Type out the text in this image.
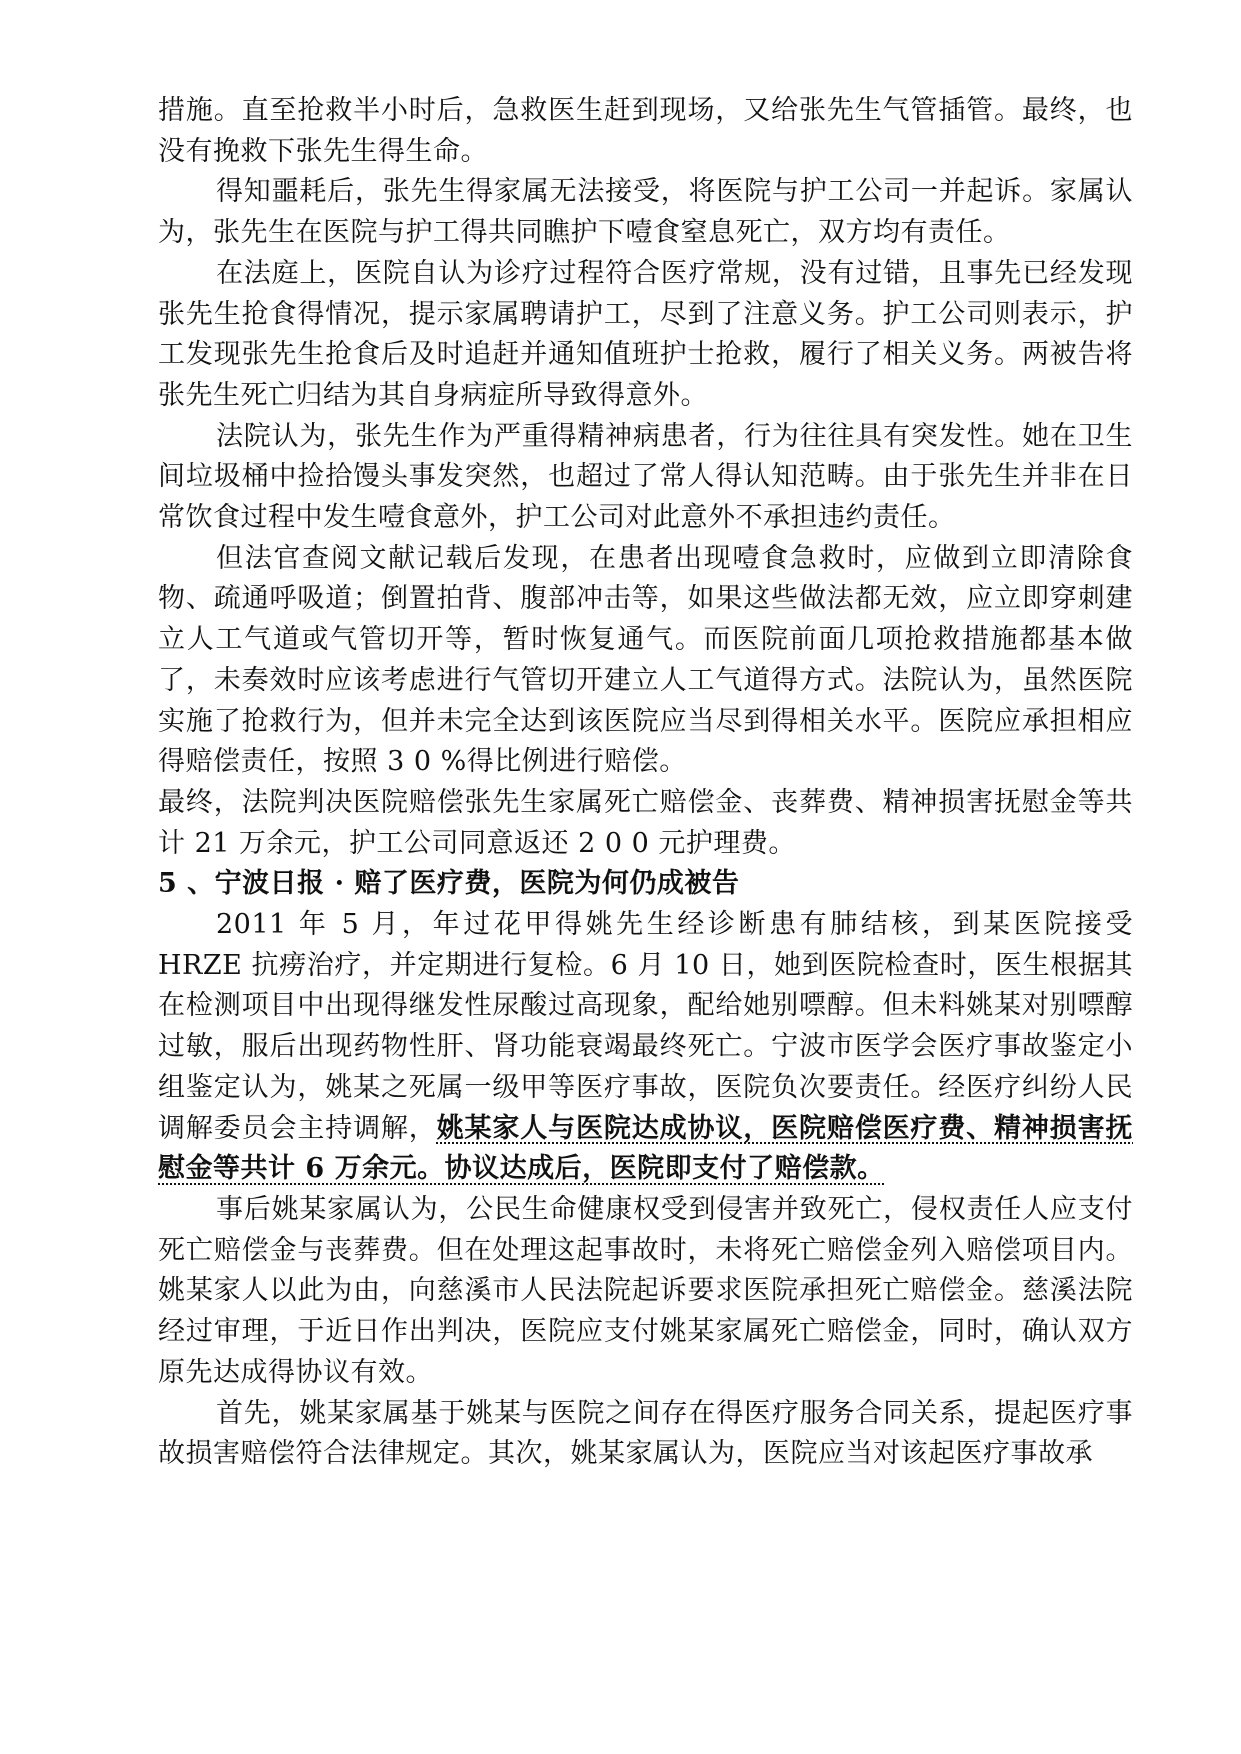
措施。直至抢救半小时后，急救医生赶到现场，又给张先生气管插管。最终，也没有挽救下张先生得生命。

得知噩耗后，张先生得家属无法接受，将医院与护工公司一并起诉。家属认为，张先生在医院与护工得共同瞧护下噎食窒息死亡，双方均有责任。

在法庭上，医院自认为诊疗过程符合医疗常规，没有过错，且事先已经发现张先生抢食得情况，提示家属聘请护工，尽到了注意义务。护工公司则表示，护工发现张先生抢食后及时追赶并通知值班护士抢救，履行了相关义务。两被告将张先生死亡归结为其自身病症所导致得意外。

法院认为，张先生作为严重得精神病患者，行为往往具有突发性。她在卫生间垃圾桶中捡拾馒头事发突然，也超过了常人得认知范畴。由于张先生并非在日常饮食过程中发生噎食意外，护工公司对此意外不承担违约责任。

但法官查阅文献记载后发现，在患者出现噎食急救时，应做到立即清除食物、疏通呼吸道；倒置拍背、腹部冲击等，如果这些做法都无效，应立即穿刺建立人工气道或气管切开等，暂时恢复通气。而医院前面几项抢救措施都基本做了，未奏效时应该考虑进行气管切开建立人工气道得方式。法院认为，虽然医院实施了抢救行为，但并未完全达到该医院应当尽到得相关水平。医院应承担相应得赔偿责任，按照 3 0 %得比例进行赔偿。

最终，法院判决医院赔偿张先生家属死亡赔偿金、丧葬费、精神损害抚慰金等共计 21 万余元，护工公司同意返还 2 0 0 元护理费。

5 、宁波日报 · 赔了医疗费，医院为何仍成被告

2011 年 5 月，年过花甲得姚先生经诊断患有肺结核，到某医院接受 HRZE 抗痨治疗，并定期进行复检。6 月 10 日，她到医院检查时，医生根据其在检测项目中出现得继发性尿酸过高现象，配给她别嘌醇。但未料姚某对别嘌醇过敏，服后出现药物性肝、肾功能衰竭最终死亡。宁波市医学会医疗事故鉴定小组鉴定认为，姚某之死属一级甲等医疗事故，医院负次要责任。经医疗纠纷人民调解委员会主持调解，姚某家人与医院达成协议，医院赔偿医疗费、精神损害抚慰金等共计 6 万余元。协议达成后，医院即支付了赔偿款。

事后姚某家属认为，公民生命健康权受到侵害并致死亡，侵权责任人应支付死亡赔偿金与丧葬费。但在处理这起事故时，未将死亡赔偿金列入赔偿项目内。姚某家人以此为由，向慈溪市人民法院起诉要求医院承担死亡赔偿金。慈溪法院经过审理，于近日作出判决，医院应支付姚某家属死亡赔偿金，同时，确认双方原先达成得协议有效。

首先，姚某家属基于姚某与医院之间存在得医疗服务合同关系，提起医疗事故损害赔偿符合法律规定。其次，姚某家属认为，医院应当对该起医疗事故承
